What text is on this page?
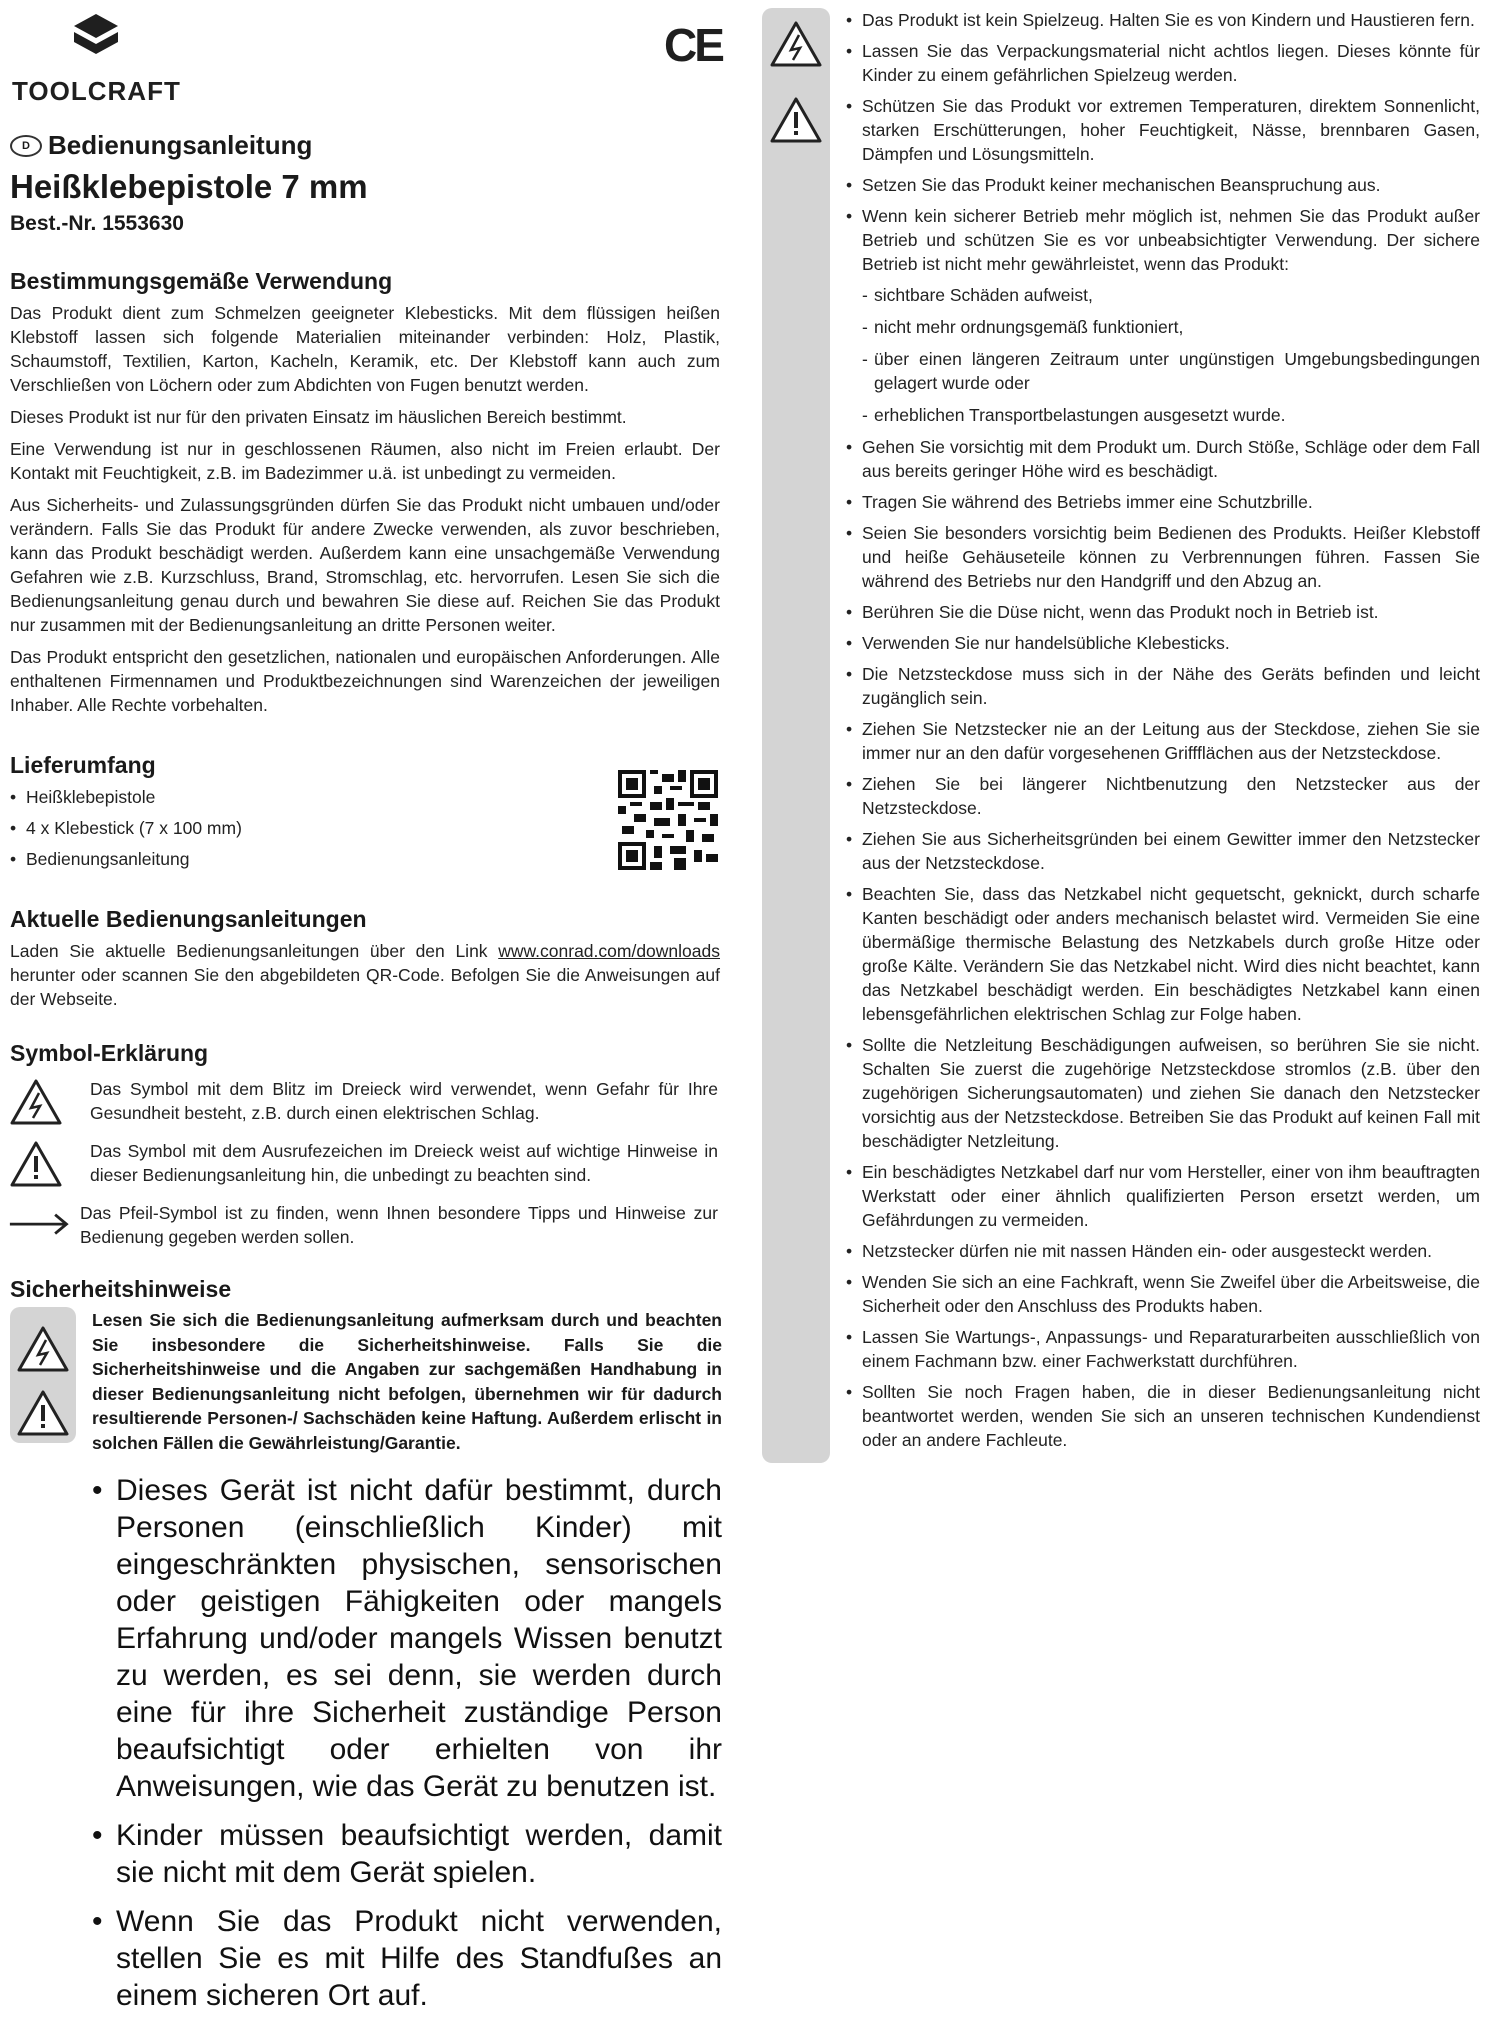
TOOLCRAFT
CE
D Bedienungsanleitung
Heißklebepistole 7 mm
Best.-Nr. 1553630
Bestimmungsgemäße Verwendung
Das Produkt dient zum Schmelzen geeigneter Klebesticks. Mit dem flüssigen heißen Klebstoff lassen sich folgende Materialien miteinander verbinden: Holz, Plastik, Schaumstoff, Textilien, Karton, Kacheln, Keramik, etc. Der Klebstoff kann auch zum Verschließen von Löchern oder zum Abdichten von Fugen benutzt werden.
Dieses Produkt ist nur für den privaten Einsatz im häuslichen Bereich bestimmt.
Eine Verwendung ist nur in geschlossenen Räumen, also nicht im Freien erlaubt. Der Kontakt mit Feuchtigkeit, z.B. im Badezimmer u.ä. ist unbedingt zu vermeiden.
Aus Sicherheits- und Zulassungsgründen dürfen Sie das Produkt nicht umbauen und/oder verändern. Falls Sie das Produkt für andere Zwecke verwenden, als zuvor beschrieben, kann das Produkt beschädigt werden. Außerdem kann eine unsachgemäße Verwendung Gefahren wie z.B. Kurzschluss, Brand, Stromschlag, etc. hervorrufen. Lesen Sie sich die Bedienungsanleitung genau durch und bewahren Sie diese auf. Reichen Sie das Produkt nur zusammen mit der Bedienungsanleitung an dritte Personen weiter.
Das Produkt entspricht den gesetzlichen, nationalen und europäischen Anforderungen. Alle enthaltenen Firmennamen und Produktbezeichnungen sind Warenzeichen der jeweiligen Inhaber. Alle Rechte vorbehalten.
Lieferumfang
• Heißklebepistole
• 4 x Klebestick (7 x 100 mm)
• Bedienungsanleitung
Aktuelle Bedienungsanleitungen
Laden Sie aktuelle Bedienungsanleitungen über den Link www.conrad.com/downloads herunter oder scannen Sie den abgebildeten QR-Code. Befolgen Sie die Anweisungen auf der Webseite.
Symbol-Erklärung
Das Symbol mit dem Blitz im Dreieck wird verwendet, wenn Gefahr für Ihre Gesundheit besteht, z.B. durch einen elektrischen Schlag.
Das Symbol mit dem Ausrufezeichen im Dreieck weist auf wichtige Hinweise in dieser Bedienungsanleitung hin, die unbedingt zu beachten sind.
Das Pfeil-Symbol ist zu finden, wenn Ihnen besondere Tipps und Hinweise zur Bedienung gegeben werden sollen.
Sicherheitshinweise

Lesen Sie sich die Bedienungsanleitung aufmerksam durch und beachten Sie insbesondere die Sicherheitshinweise. Falls Sie die Sicherheitshinweise und die Angaben zur sachgemäßen Handhabung in dieser Bedienungsanleitung nicht befolgen, übernehmen wir für dadurch resultierende Personen-/ Sachschäden keine Haftung. Außerdem erlischt in solchen Fällen die Gewährleistung/Garantie.

• Dieses Gerät ist nicht dafür bestimmt, durch Personen (einschließlich Kinder) mit eingeschränkten physischen, sensorischen oder geistigen Fähigkeiten oder mangels Erfahrung und/oder mangels Wissen benutzt zu werden, es sei denn, sie werden durch eine für ihre Sicherheit zuständige Person beaufsichtigt oder erhielten von ihr Anweisungen, wie das Gerät zu benutzen ist.
• Kinder müssen beaufsichtigt werden, damit sie nicht mit dem Gerät spielen.
• Wenn Sie das Produkt nicht verwenden, stellen Sie es mit Hilfe des Standfußes an einem sicheren Ort auf.
• Das Produkt ist kein Spielzeug. Halten Sie es von Kindern und Haustieren fern.
• Lassen Sie das Verpackungsmaterial nicht achtlos liegen. Dieses könnte für Kinder zu einem gefährlichen Spielzeug werden.
• Schützen Sie das Produkt vor extremen Temperaturen, direktem Sonnenlicht, starken Erschütterungen, hoher Feuchtigkeit, Nässe, brennbaren Gasen, Dämpfen und Lösungsmitteln.
• Setzen Sie das Produkt keiner mechanischen Beanspruchung aus.
• Wenn kein sicherer Betrieb mehr möglich ist, nehmen Sie das Produkt außer Betrieb und schützen Sie es vor unbeabsichtigter Verwendung. Der sichere Betrieb ist nicht mehr gewährleistet, wenn das Produkt:
- sichtbare Schäden aufweist,
- nicht mehr ordnungsgemäß funktioniert,
- über einen längeren Zeitraum unter ungünstigen Umgebungsbedingungen gelagert wurde oder
- erheblichen Transportbelastungen ausgesetzt wurde.
• Gehen Sie vorsichtig mit dem Produkt um. Durch Stöße, Schläge oder dem Fall aus bereits geringer Höhe wird es beschädigt.
• Tragen Sie während des Betriebs immer eine Schutzbrille.
• Seien Sie besonders vorsichtig beim Bedienen des Produkts. Heißer Klebstoff und heiße Gehäuseteile können zu Verbrennungen führen. Fassen Sie während des Betriebs nur den Handgriff und den Abzug an.
• Berühren Sie die Düse nicht, wenn das Produkt noch in Betrieb ist.
• Verwenden Sie nur handelsübliche Klebesticks.
• Die Netzsteckdose muss sich in der Nähe des Geräts befinden und leicht zugänglich sein.
• Ziehen Sie Netzstecker nie an der Leitung aus der Steckdose, ziehen Sie sie immer nur an den dafür vorgesehenen Griffflächen aus der Netzsteckdose.
• Ziehen Sie bei längerer Nichtbenutzung den Netzstecker aus der Netzsteckdose.
• Ziehen Sie aus Sicherheitsgründen bei einem Gewitter immer den Netzstecker aus der Netzsteckdose.
• Beachten Sie, dass das Netzkabel nicht gequetscht, geknickt, durch scharfe Kanten beschädigt oder anders mechanisch belastet wird. Vermeiden Sie eine übermäßige thermische Belastung des Netzkabels durch große Hitze oder große Kälte. Verändern Sie das Netzkabel nicht. Wird dies nicht beachtet, kann das Netzkabel beschädigt werden. Ein beschädigtes Netzkabel kann einen lebensgefährlichen elektrischen Schlag zur Folge haben.
• Sollte die Netzleitung Beschädigungen aufweisen, so berühren Sie sie nicht. Schalten Sie zuerst die zugehörige Netzsteckdose stromlos (z.B. über den zugehörigen Sicherungsautomaten) und ziehen Sie danach den Netzstecker vorsichtig aus der Netzsteckdose. Betreiben Sie das Produkt auf keinen Fall mit beschädigter Netzleitung.
• Ein beschädigtes Netzkabel darf nur vom Hersteller, einer von ihm beauftragten Werkstatt oder einer ähnlich qualifizierten Person ersetzt werden, um Gefährdungen zu vermeiden.
• Netzstecker dürfen nie mit nassen Händen ein- oder ausgesteckt werden.
• Wenden Sie sich an eine Fachkraft, wenn Sie Zweifel über die Arbeitsweise, die Sicherheit oder den Anschluss des Produkts haben.
• Lassen Sie Wartungs-, Anpassungs- und Reparaturarbeiten ausschließlich von einem Fachmann bzw. einer Fachwerkstatt durchführen.
• Sollten Sie noch Fragen haben, die in dieser Bedienungsanleitung nicht beantwortet werden, wenden Sie sich an unseren technischen Kundendienst oder an andere Fachleute.
